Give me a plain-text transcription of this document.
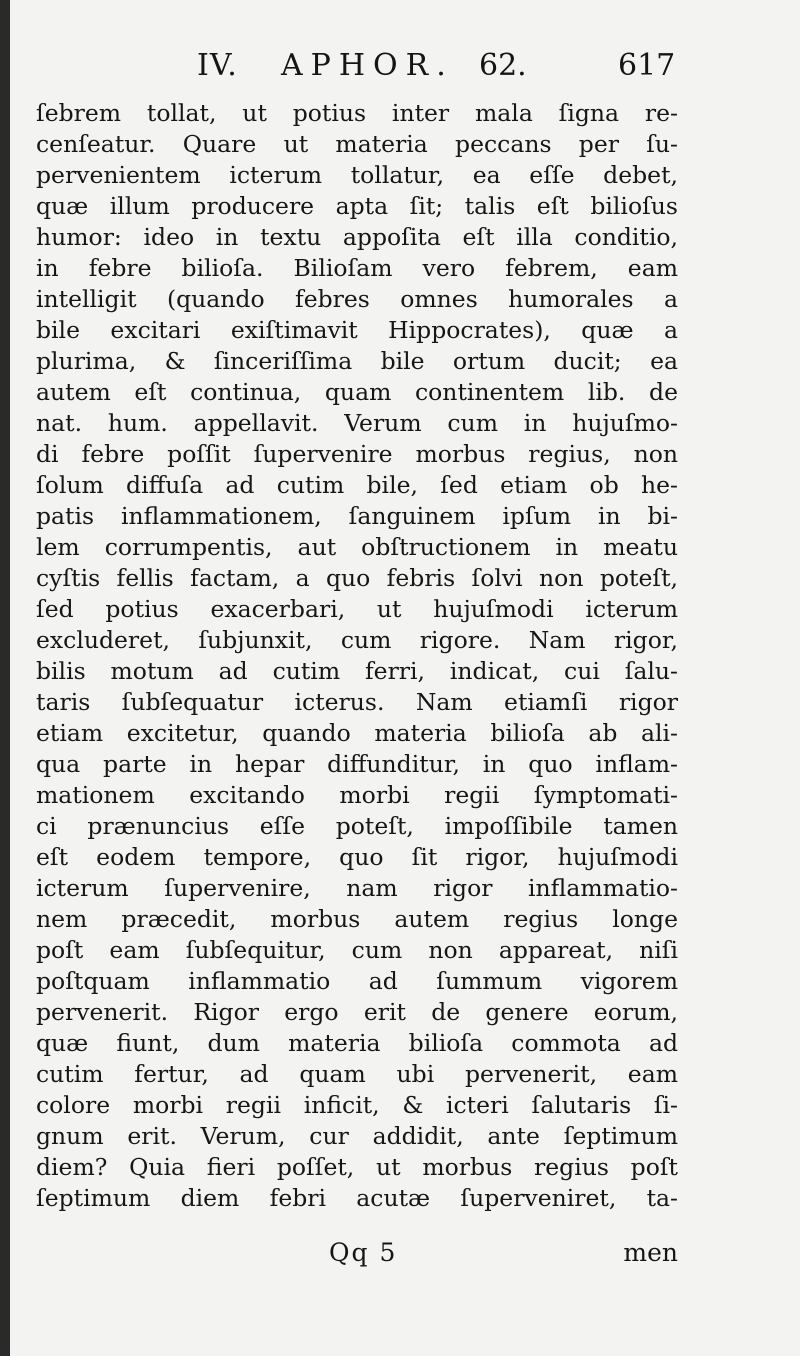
IV. APHOR. 62.	617
ſebrem tollat, ut potius inter mala ſigna re-
cenſeatur. Quare ut materia peccans per ſu-
pervenientem icterum tollatur, ea eſſe debet,
quæ illum producere apta ſit; talis eſt bilioſus
humor: ideo in textu appoſita eſt illa conditio,
in febre bilioſa. Bilioſam vero febrem, eam
intelligit (quando febres omnes humorales a
bile excitari exiſtimavit Hippocrates), quæ a
plurima, & ſinceriſſima bile ortum ducit; ea
autem eſt continua, quam continentem lib. de
nat. hum. appellavit. Verum cum in hujuſmo-
di febre poſſit ſupervenire morbus regius, non
ſolum diffuſa ad cutim bile, ſed etiam ob he-
patis inflammationem, ſanguinem ipſum in bi-
lem corrumpentis, aut obſtructionem in meatu
cyſtis fellis factam, a quo febris ſolvi non poteſt,
ſed potius exacerbari, ut hujuſmodi icterum
excluderet, ſubjunxit, cum rigore. Nam rigor,
bilis motum ad cutim ferri, indicat, cui ſalu-
taris ſubſequatur icterus. Nam etiamſi rigor
etiam excitetur, quando materia bilioſa ab ali-
qua parte in hepar diffunditur, in quo inflam-
mationem excitando morbi regii ſymptomati-
ci prænuncius eſſe poteſt, impoſſibile tamen
eſt eodem tempore, quo ſit rigor, hujuſmodi
icterum ſupervenire, nam rigor inflammatio-
nem præcedit, morbus autem regius longe
poſt eam ſubſequitur, cum non appareat, niſi
poſtquam inflammatio ad ſummum vigorem
pervenerit. Rigor ergo erit de genere eorum,
quæ fiunt, dum materia bilioſa commota ad
cutim fertur, ad quam ubi pervenerit, eam
colore morbi regii inficit, & icteri ſalutaris ſi-
gnum erit. Verum, cur addidit, ante ſeptimum
diem? Quia fieri poſſet, ut morbus regius poſt
ſeptimum diem febri acutæ ſuperveniret, ta-
Qq 5	men
